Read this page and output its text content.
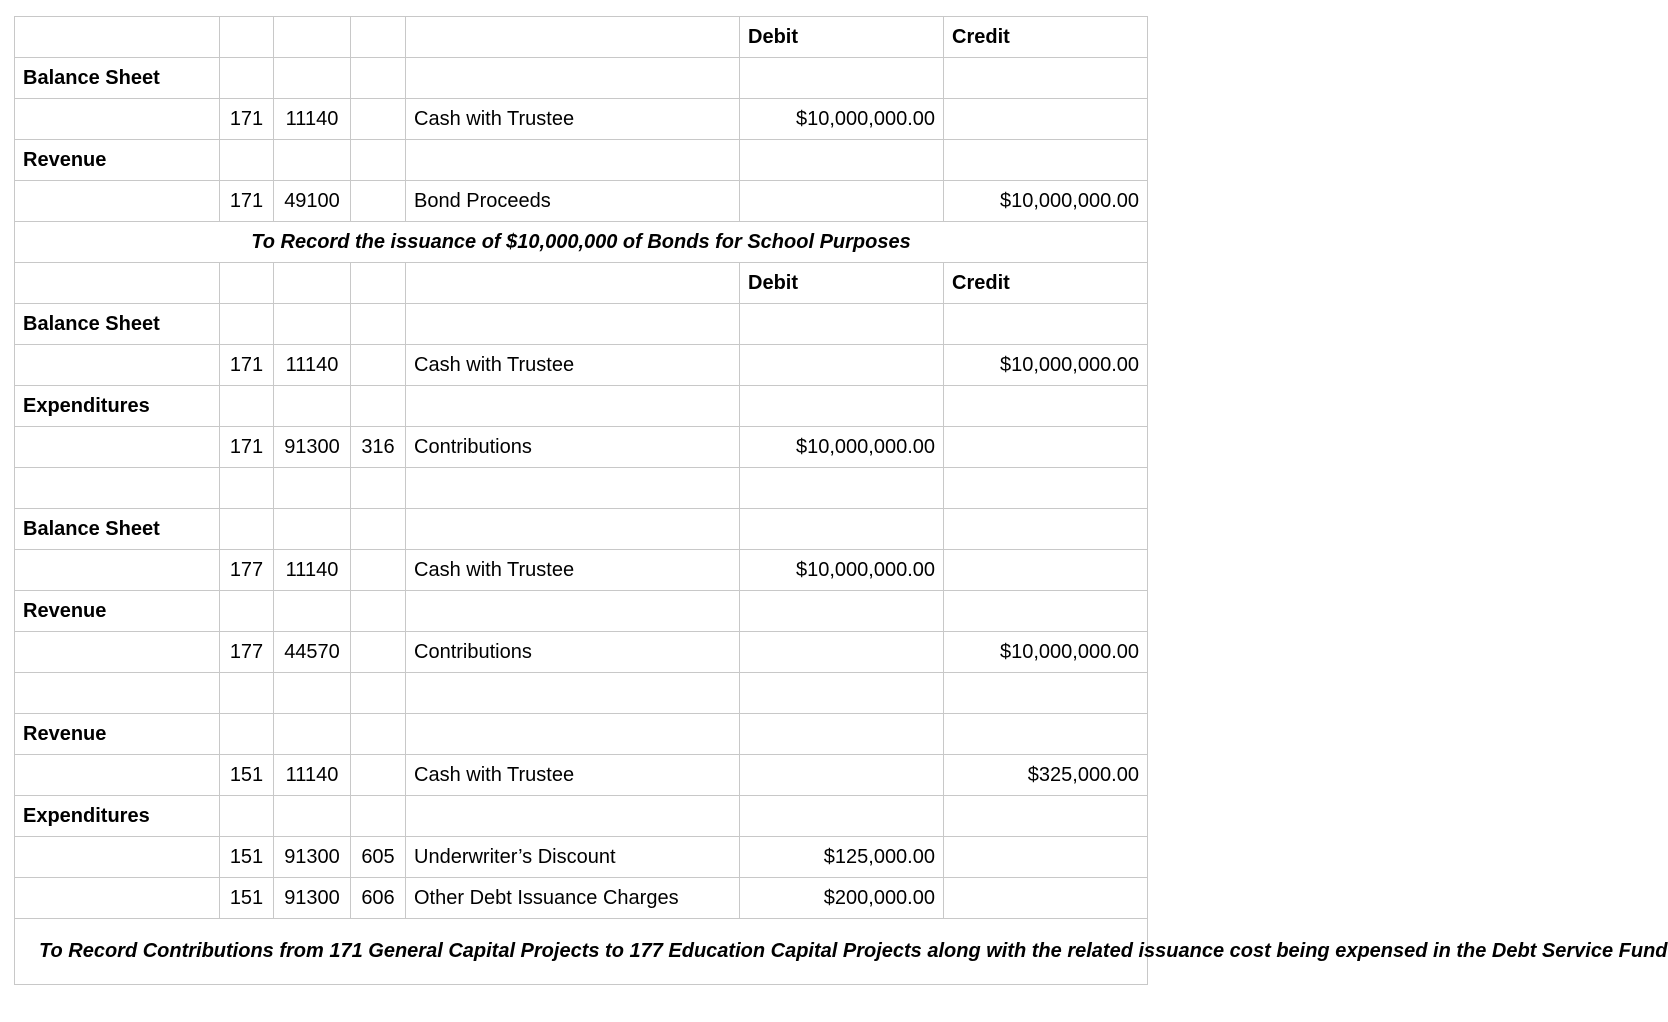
					Debit	Credit
Balance Sheet						
	171	11140		Cash with Trustee	$10,000,000.00	
Revenue						
	171	49100		Bond Proceeds		$10,000,000.00
To Record the issuance of $10,000,000 of Bonds for School Purposes						
					Debit	Credit
Balance Sheet						
	171	11140		Cash with Trustee		$10,000,000.00
Expenditures						
	171	91300	316	Contributions	$10,000,000.00	

Balance Sheet						
	177	11140		Cash with Trustee	$10,000,000.00	
Revenue						
	177	44570		Contributions		$10,000,000.00

Revenue						
	151	11140		Cash with Trustee		$325,000.00
Expenditures						
	151	91300	605	Underwriter’s Discount	$125,000.00	
	151	91300	606	Other Debt Issuance Charges	$200,000.00	
To Record Contributions from 171 General Capital Projects to 177 Education Capital Projects along with the related issuance cost being expensed in the Debt Service Fund						
